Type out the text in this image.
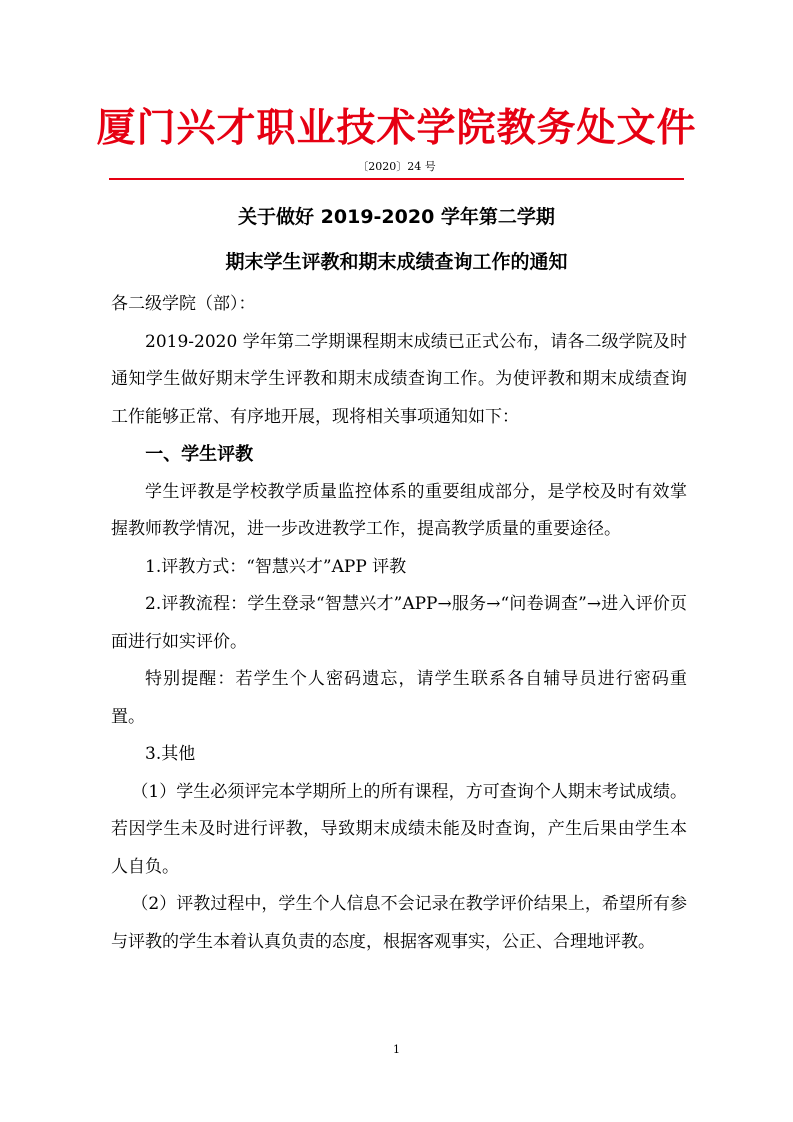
厦门兴才职业技术学院教务处文件
〔2020〕24 号
关于做好 2019-2020 学年第二学期
期末学生评教和期末成绩查询工作的通知

各二级学院（部）：

2019-2020 学年第二学期课程期末成绩已正式公布，请各二级学院及时通知学生做好期末学生评教和期末成绩查询工作。为使评教和期末成绩查询工作能够正常、有序地开展，现将相关事项通知如下：

一、学生评教

学生评教是学校教学质量监控体系的重要组成部分，是学校及时有效掌握教师教学情况，进一步改进教学工作，提高教学质量的重要途径。

1.评教方式：“智慧兴才”APP 评教

2.评教流程：学生登录“智慧兴才”APP→服务→“问卷调查”→进入评价页面进行如实评价。

特别提醒：若学生个人密码遗忘，请学生联系各自辅导员进行密码重置。

3.其他

（1）学生必须评完本学期所上的所有课程，方可查询个人期末考试成绩。若因学生未及时进行评教，导致期末成绩未能及时查询，产生后果由学生本人自负。

（2）评教过程中，学生个人信息不会记录在教学评价结果上，希望所有参与评教的学生本着认真负责的态度，根据客观事实，公正、合理地评教。

1
